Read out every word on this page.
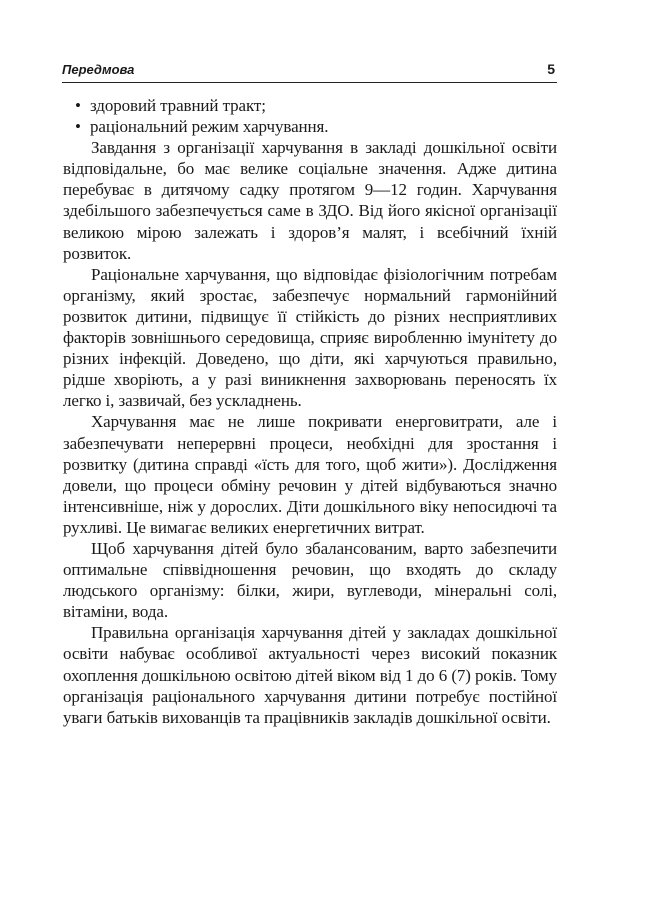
Передмова	5

• здоровий травний тракт;

• раціональний режим харчування.

Завдання з організації харчування в закладі дошкільної освіти відповідальне, бо має велике соціальне значення. Адже дитина перебуває в дитячому садку протягом 9—12 годин. Харчування здебільшого забезпечується саме в ЗДО. Від його якісної організації великою мірою залежать і здоров’я малят, і всебічний їхній розвиток.

Раціональне харчування, що відповідає фізіологічним потребам організму, який зростає, забезпечує нормальний гармонійний розвиток дитини, підвищує її стійкість до різних несприятливих факторів зовнішнього середовища, сприяє виробленню імунітету до різних інфекцій. Доведено, що діти, які харчуються правильно, рідше хворіють, а у разі виникнення захворювань переносять їх легко і, зазвичай, без ускладнень.

Харчування має не лише покривати енерговитрати, але і забезпечувати неперервні процеси, необхідні для зростання і розвитку (дитина справді «їсть для того, щоб жити»). Дослідження довели, що процеси обміну речовин у дітей відбуваються значно інтенсивніше, ніж у дорослих. Діти дошкільного віку непосидючі та рухливі. Це вимагає великих енергетичних витрат.

Щоб харчування дітей було збалансованим, варто забезпечити оптимальне співвідношення речовин, що входять до складу людського організму: білки, жири, вуглеводи, мінеральні солі, вітаміни, вода.

Правильна організація харчування дітей у закладах дошкільної освіти набуває особливої актуальності через високий показник охоплення дошкільною освітою дітей віком від 1 до 6 (7) років. Тому організація раціонального харчування дитини потребує постійної уваги батьків вихованців та працівників закладів дошкільної освіти.
